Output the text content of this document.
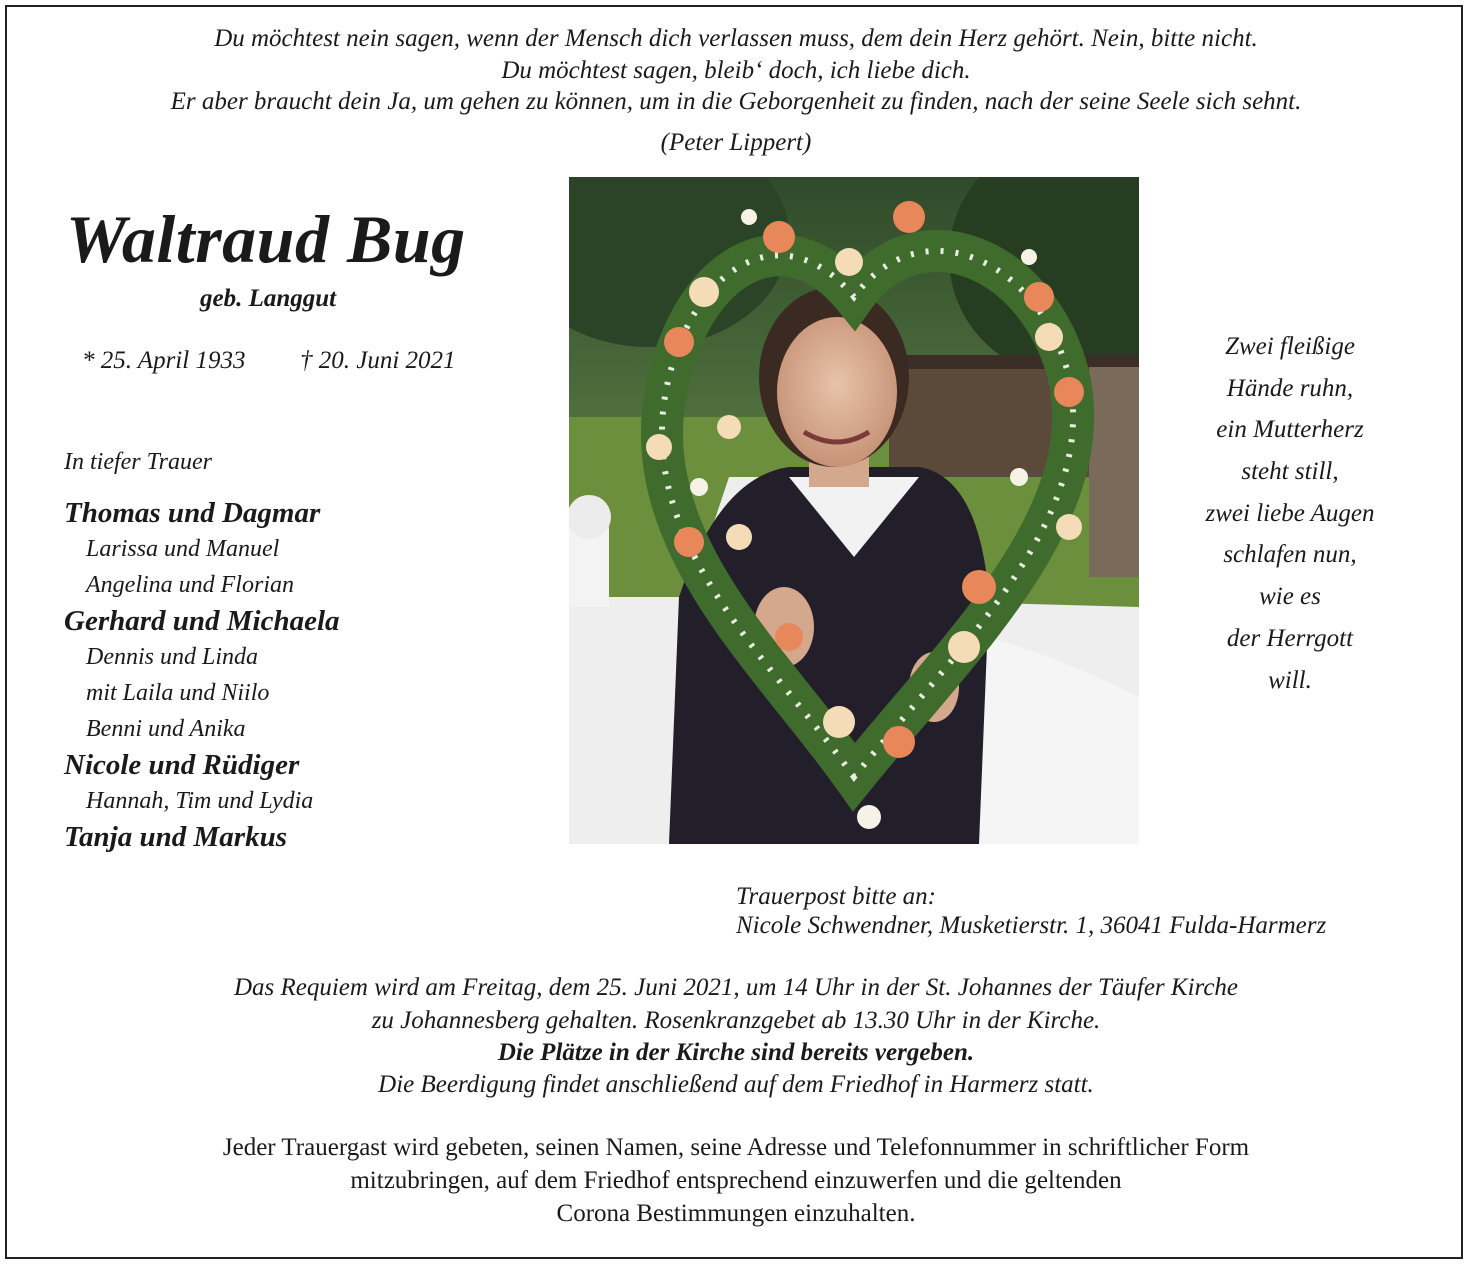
Du möchtest nein sagen, wenn der Mensch dich verlassen muss, dem dein Herz gehört. Nein, bitte nicht.
Du möchtest sagen, bleib‘ doch, ich liebe dich.
Er aber braucht dein Ja, um gehen zu können, um in die Geborgenheit zu finden, nach der seine Seele sich sehnt.
(Peter Lippert)
Waltraud Bug
geb. Langgut
* 25. April 1933 † 20. Juni 2021
In tiefer Trauer
Thomas und Dagmar
Larissa und Manuel
Angelina und Florian
Gerhard und Michaela
Dennis und Linda
mit Laila und Niilo
Benni und Anika
Nicole und Rüdiger
Hannah, Tim und Lydia
Tanja und Markus
Zwei fleißige
Hände ruhn,
ein Mutterherz
steht still,
zwei liebe Augen
schlafen nun,
wie es
der Herrgott
will.
Trauerpost bitte an:
Nicole Schwendner, Musketierstr. 1, 36041 Fulda-Harmerz
Das Requiem wird am Freitag, dem 25. Juni 2021, um 14 Uhr in der St. Johannes der Täufer Kirche
zu Johannesberg gehalten. Rosenkranzgebet ab 13.30 Uhr in der Kirche.
Die Plätze in der Kirche sind bereits vergeben.
Die Beerdigung findet anschließend auf dem Friedhof in Harmerz statt.
Jeder Trauergast wird gebeten, seinen Namen, seine Adresse und Telefonnummer in schriftlicher Form
mitzubringen, auf dem Friedhof entsprechend einzuwerfen und die geltenden
Corona Bestimmungen einzuhalten.
